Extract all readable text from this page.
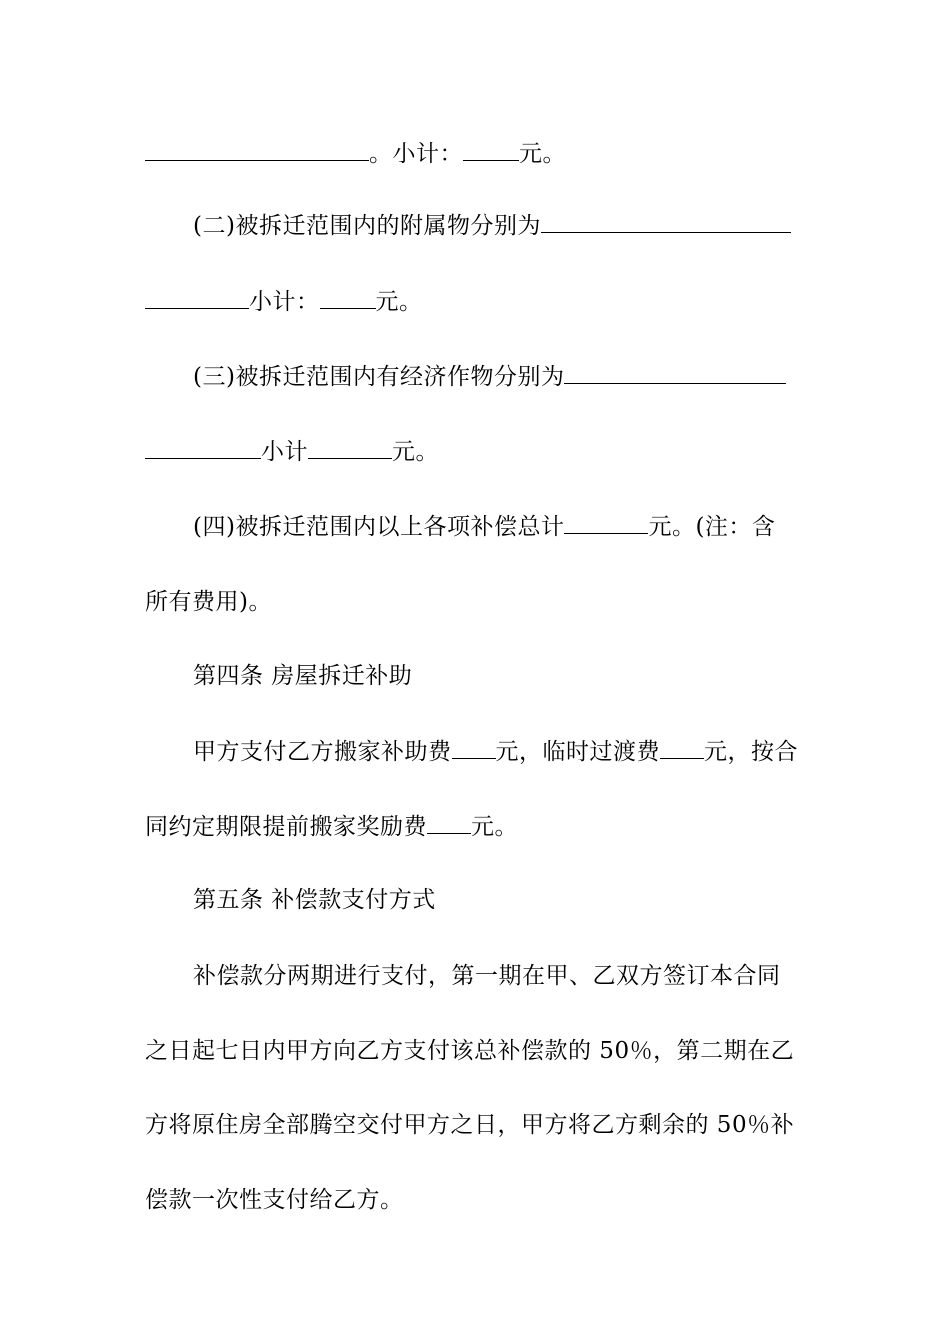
。小计： 元。
(二)被拆迁范围内的附属物分别为
小计： 元。
(三)被拆迁范围内有经济作物分别为
小计	元。
(四)被拆迁范围内以上各项补偿总计	元。(注：含
所有费用)。
第四条 房屋拆迁补助
甲方支付乙方搬家补助费 元，临时过渡费 元，按合
同约定期限提前搬家奖励费 元。
第五条 补偿款支付方式
补偿款分两期进行支付，第一期在甲、乙双方签订本合同
之日起七日内甲方向乙方支付该总补偿款的 50％，第二期在乙
方将原住房全部腾空交付甲方之日，甲方将乙方剩余的 50％补
偿款一次性支付给乙方。
